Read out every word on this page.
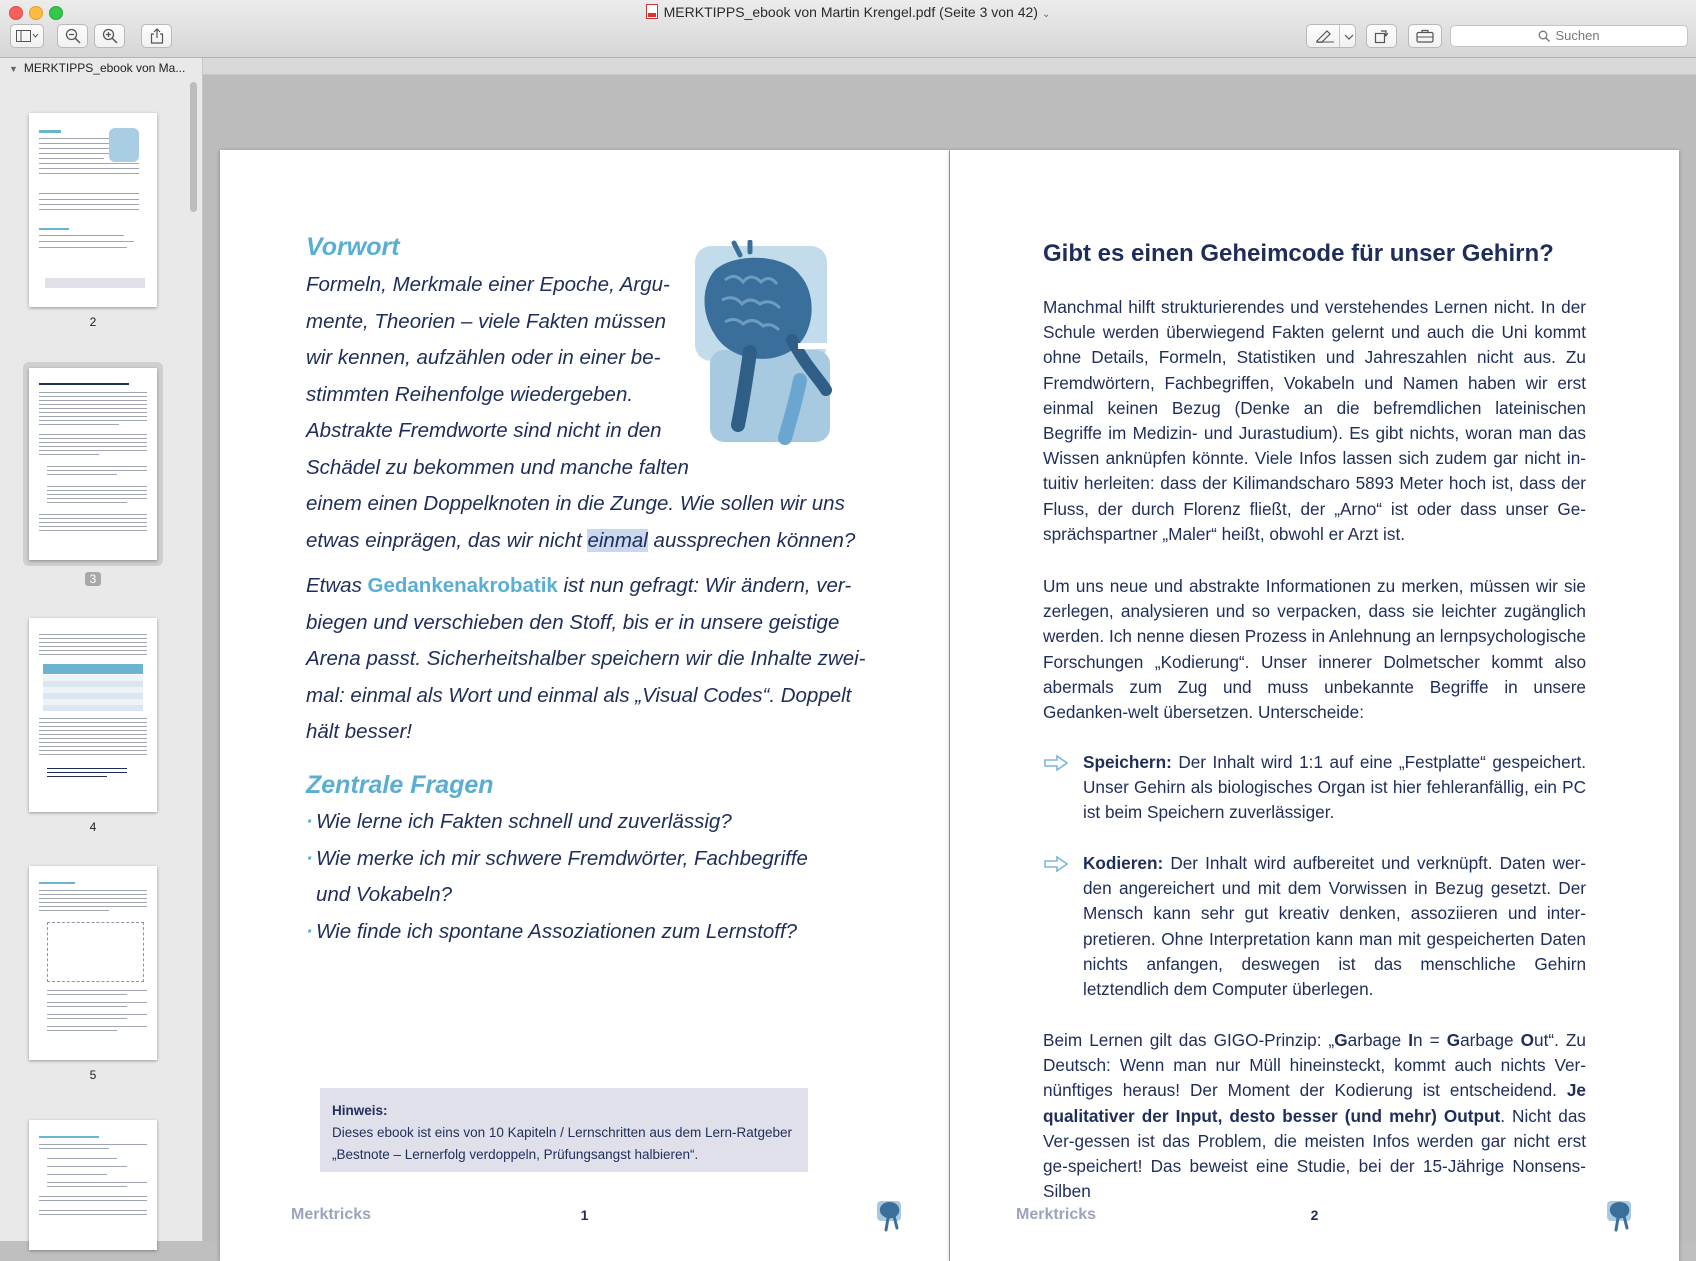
MERKTIPPS_ebook von Martin Krengel.pdf (Seite 3 von 42) ⌄
Suchen
▼ MERKTIPPS_ebook von Ma...
2
3
4
5
Vorwort
Formeln, Merkmale einer Epoche, Argu-
mente, Theorien – viele Fakten müssen
wir kennen, aufzählen oder in einer be-
stimmten Reihenfolge wiedergeben.
Abstrakte Fremdworte sind nicht in den
Schädel zu bekommen und manche falten
einem einen Doppelknoten in die Zunge. Wie sollen wir uns
etwas einprägen, das wir nicht einmal aussprechen können?
Etwas Gedankenakrobatik ist nun gefragt: Wir ändern, ver-
biegen und verschieben den Stoff, bis er in unsere geistige
Arena passt. Sicherheitshalber speichern wir die Inhalte zwei-
mal: einmal als Wort und einmal als „Visual Codes“. Doppelt
hält besser!
Zentrale Fragen
· Wie lerne ich Fakten schnell und zuverlässig?
· Wie merke ich mir schwere Fremdwörter, Fachbegriffe
und Vokabeln?
· Wie finde ich spontane Assoziationen zum Lernstoff?
Hinweis:
Dieses ebook ist eins von 10 Kapiteln / Lernschritten aus dem Lern-Ratgeber
„Bestnote – Lernerfolg verdoppeln, Prüfungsangst halbieren“.
Merktricks	1
Gibt es einen Geheimcode für unser Gehirn?
Manchmal hilft strukturierendes und verstehendes Lernen nicht. In der Schule werden überwiegend Fakten gelernt und auch die Uni kommt ohne Details, Formeln, Statistiken und Jahreszahlen nicht aus. Zu Fremdwörtern, Fachbegriffen, Vokabeln und Namen haben wir erst einmal keinen Bezug (Denke an die befremdlichen lateinischen Begriffe im Medizin- und Jurastudium). Es gibt nichts, woran man das Wissen anknüpfen könnte. Viele Infos lassen sich zudem gar nicht in-tuitiv herleiten: dass der Kilimandscharo 5893 Meter hoch ist, dass der Fluss, der durch Florenz fließt, der „Arno“ ist oder dass unser Ge-sprächspartner „Maler“ heißt, obwohl er Arzt ist.
Um uns neue und abstrakte Informationen zu merken, müssen wir sie zerlegen, analysieren und so verpacken, dass sie leichter zugänglich werden. Ich nenne diesen Prozess in Anlehnung an lernpsychologische Forschungen „Kodierung“. Unser innerer Dolmetscher kommt also abermals zum Zug und muss unbekannte Begriffe in unsere Gedanken-welt übersetzen. Unterscheide:
Speichern: Der Inhalt wird 1:1 auf eine „Festplatte“ gespeichert. Unser Gehirn als biologisches Organ ist hier fehleranfällig, ein PC ist beim Speichern zuverlässiger.
Kodieren: Der Inhalt wird aufbereitet und verknüpft. Daten wer-den angereichert und mit dem Vorwissen in Bezug gesetzt. Der Mensch kann sehr gut kreativ denken, assoziieren und inter-pretieren. Ohne Interpretation kann man mit gespeicherten Daten nichts anfangen, deswegen ist das menschliche Gehirn letztendlich dem Computer überlegen.
Beim Lernen gilt das GIGO-Prinzip: „Garbage In = Garbage Out“. Zu Deutsch: Wenn man nur Müll hineinsteckt, kommt auch nichts Ver-nünftiges heraus! Der Moment der Kodierung ist entscheidend. Je qualitativer der Input, desto besser (und mehr) Output. Nicht das Ver-gessen ist das Problem, die meisten Infos werden gar nicht erst ge-speichert! Das beweist eine Studie, bei der 15-Jährige Nonsens-Silben
Merktricks	2
